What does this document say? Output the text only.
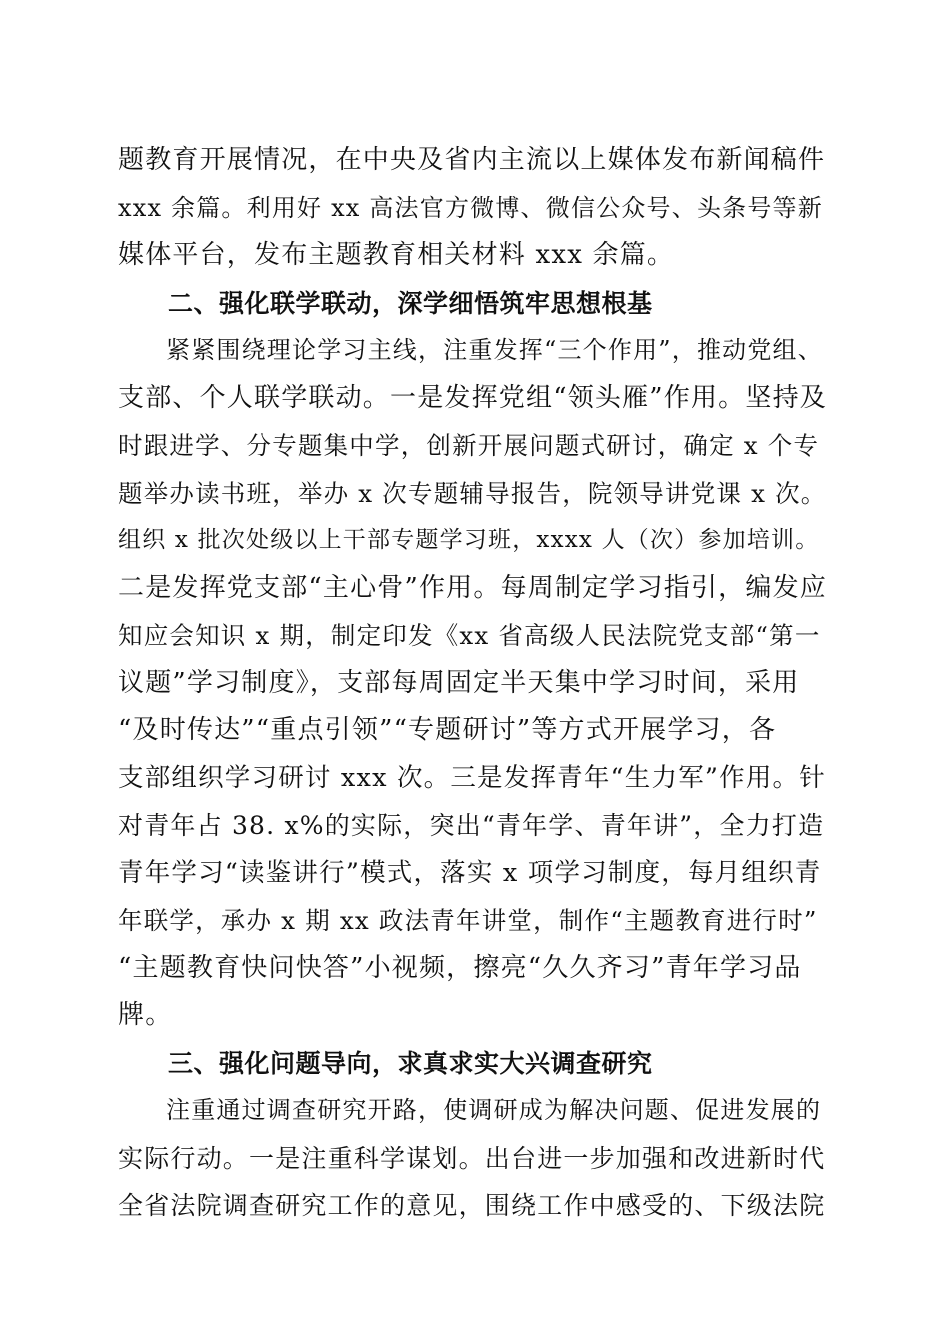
题教育开展情况，在中央及省内主流以上媒体发布新闻稿件
xxx 余篇。利用好 xx 高法官方微博、微信公众号、头条号等新
媒体平台，发布主题教育相关材料 xxx 余篇。
二、强化联学联动，深学细悟筑牢思想根基
紧紧围绕理论学习主线，注重发挥“三个作用”，推动党组、
支部、个人联学联动。一是发挥党组“领头雁”作用。坚持及
时跟进学、分专题集中学，创新开展问题式研讨，确定 x 个专
题举办读书班，举办 x 次专题辅导报告，院领导讲党课 x 次。
组织 x 批次处级以上干部专题学习班，xxxx 人（次）参加培训。
二是发挥党支部“主心骨”作用。每周制定学习指引，编发应
知应会知识 x 期，制定印发《xx 省高级人民法院党支部“第一
议题”学习制度》，支部每周固定半天集中学习时间，采用
“及时传达”“重点引领”“专题研讨”等方式开展学习，各
支部组织学习研讨 xxx 次。三是发挥青年“生力军”作用。针
对青年占 38. x%的实际，突出“青年学、青年讲”，全力打造
青年学习“读鉴讲行”模式，落实 x 项学习制度，每月组织青
年联学，承办 x 期 xx 政法青年讲堂，制作“主题教育进行时”
“主题教育快问快答”小视频，擦亮“久久齐习”青年学习品
牌。
三、强化问题导向，求真求实大兴调查研究
注重通过调查研究开路，使调研成为解决问题、促进发展的
实际行动。一是注重科学谋划。出台进一步加强和改进新时代
全省法院调查研究工作的意见，围绕工作中感受的、下级法院
